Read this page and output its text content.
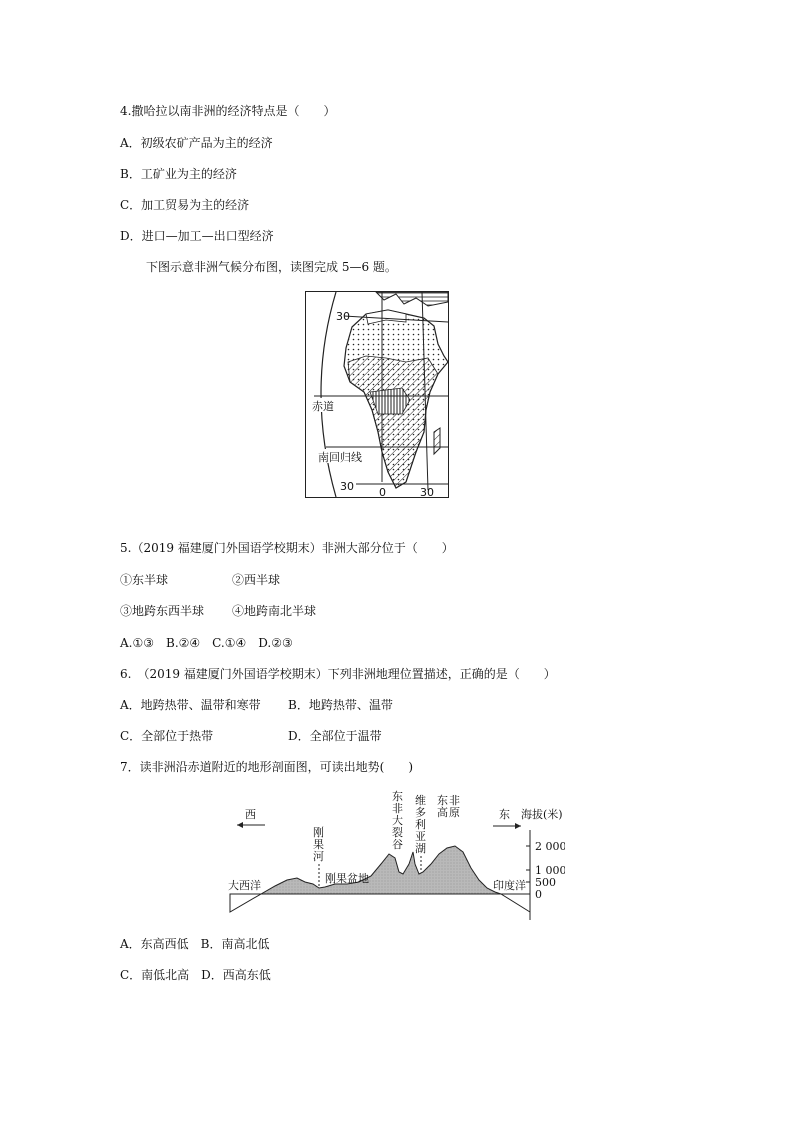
4.撒哈拉以南非洲的经济特点是（　　）
A．初级农矿产品为主的经济
B．工矿业为主的经济
C．加工贸易为主的经济
D．进口—加工—出口型经济
下图示意非洲气候分布图，读图完成 5—6 题。
赤道
南回归线
30
30 0	30
5.（2019 福建厦门外国语学校期末）非洲大部分位于（　　）
①东半球	②西半球
③地跨东西半球 ④地跨南北半球
A.①③　B.②④　C.①④　D.②③
6.　（2019 福建厦门外国语学校期末）下列非洲地理位置描述，正确的是（　　）
A．地跨热带、温带和寒带 B．地跨热带、温带
C．全部位于热带	D．全部位于温带
7．读非洲沿赤道附近的地形剖面图，可读出地势(　　)
西	东 海拔(米)
2 000
1 000
500
0
大西洋	印度洋
刚果盆地
刚
果
河
东
非
大
裂
谷
维
多
利
亚
湖
东 非
高 原
A．东高西低　B．南高北低
C．南低北高　D．西高东低
